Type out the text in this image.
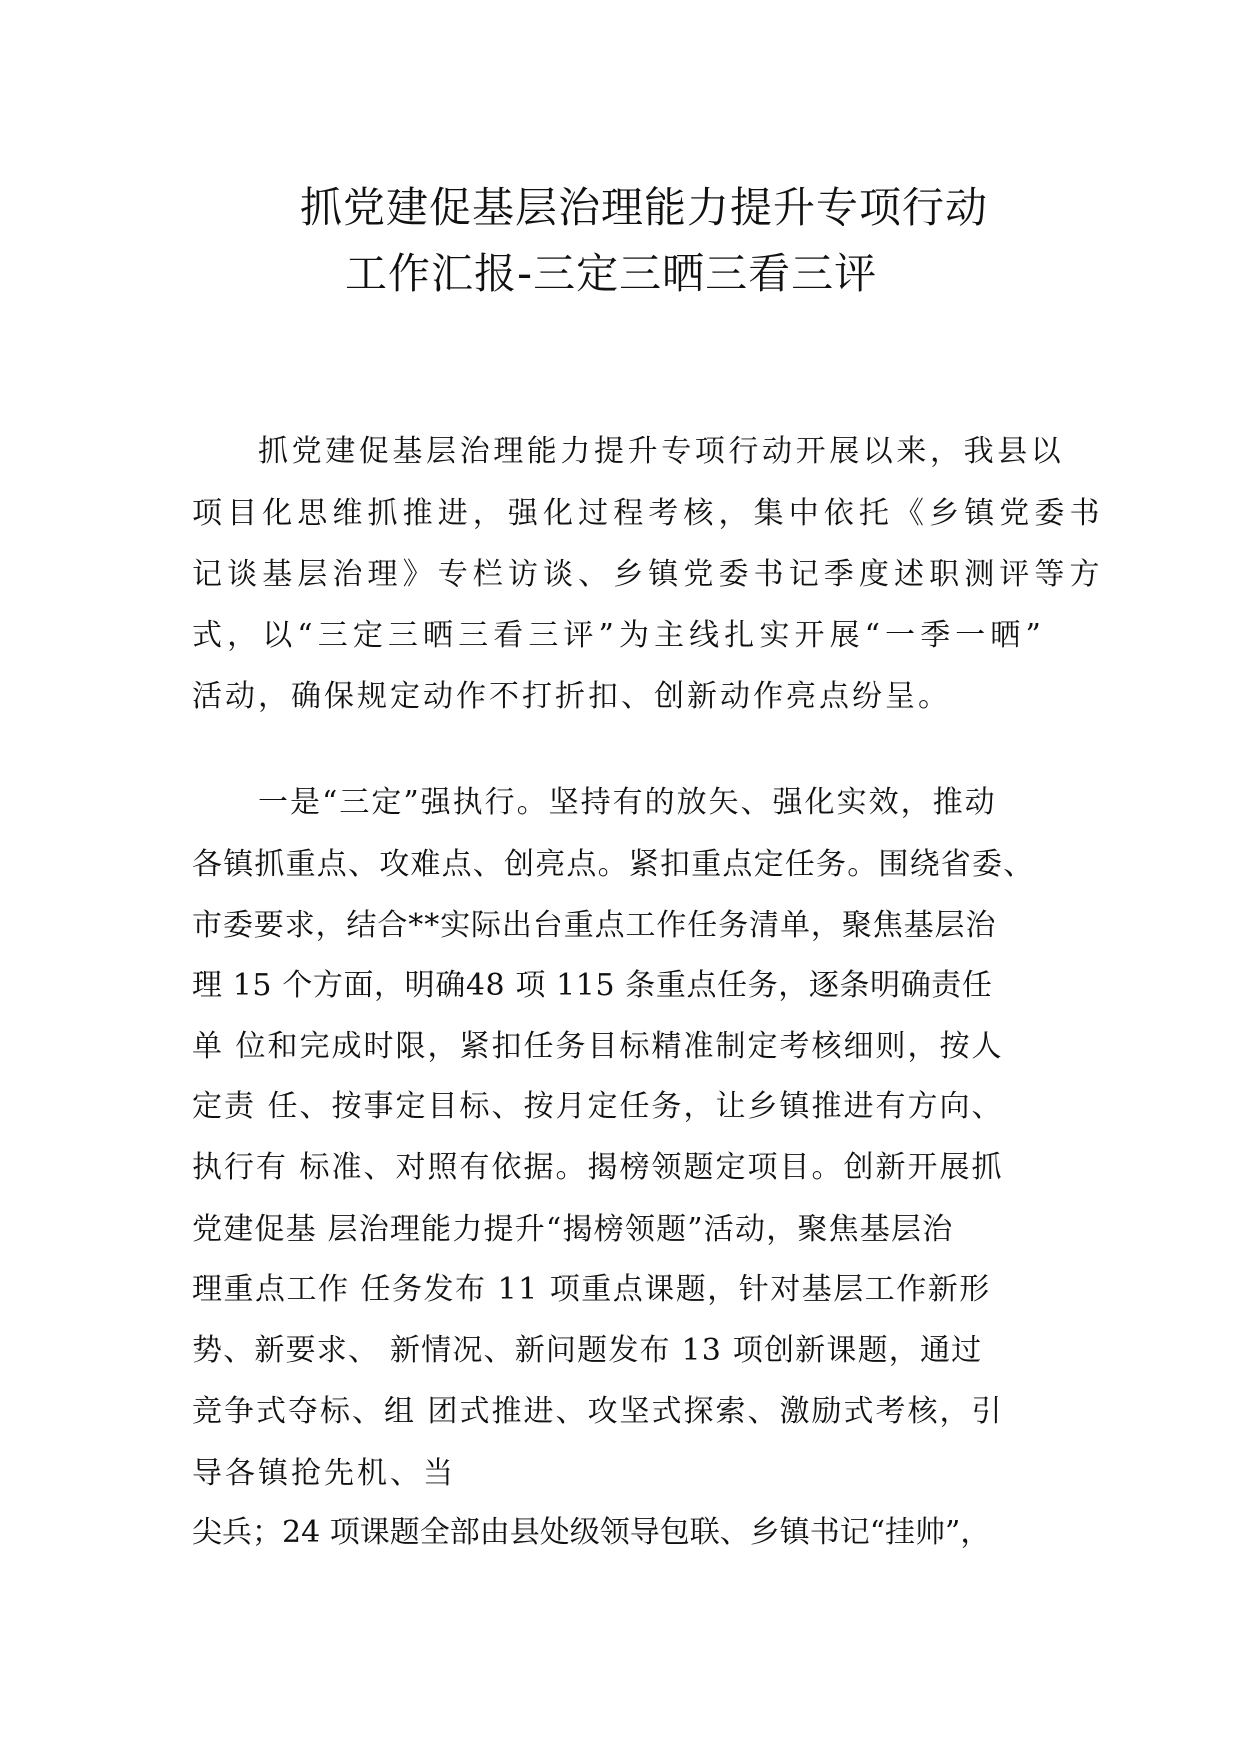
抓党建促基层治理能力提升专项行动
工作汇报-三定三晒三看三评
抓党建促基层治理能力提升专项行动开展以来，我县以
项目化思维抓推进，强化过程考核，集中依托《乡镇党委书
记谈基层治理》专栏访谈、乡镇党委书记季度述职测评等方
式，以“三定三晒三看三评”为主线扎实开展“一季一晒”
活动，确保规定动作不打折扣、创新动作亮点纷呈。
一是“三定”强执行。坚持有的放矢、强化实效，推动
各镇抓重点、攻难点、创亮点。紧扣重点定任务。围绕省委、
市委要求，结合**实际出台重点工作任务清单，聚焦基层治
理 15 个方面，明确48 项 115 条重点任务，逐条明确责任
单 位和完成时限，紧扣任务目标精准制定考核细则，按人
定责 任、按事定目标、按月定任务，让乡镇推进有方向、
执行有 标准、对照有依据。揭榜领题定项目。创新开展抓
党建促基 层治理能力提升“揭榜领题”活动，聚焦基层治
理重点工作 任务发布 11 项重点课题，针对基层工作新形
势、新要求、 新情况、新问题发布 13 项创新课题，通过
竞争式夺标、组 团式推进、攻坚式探索、激励式考核，引
导各镇抢先机、当
尖兵；24 项课题全部由县处级领导包联、乡镇书记“挂帅”，
